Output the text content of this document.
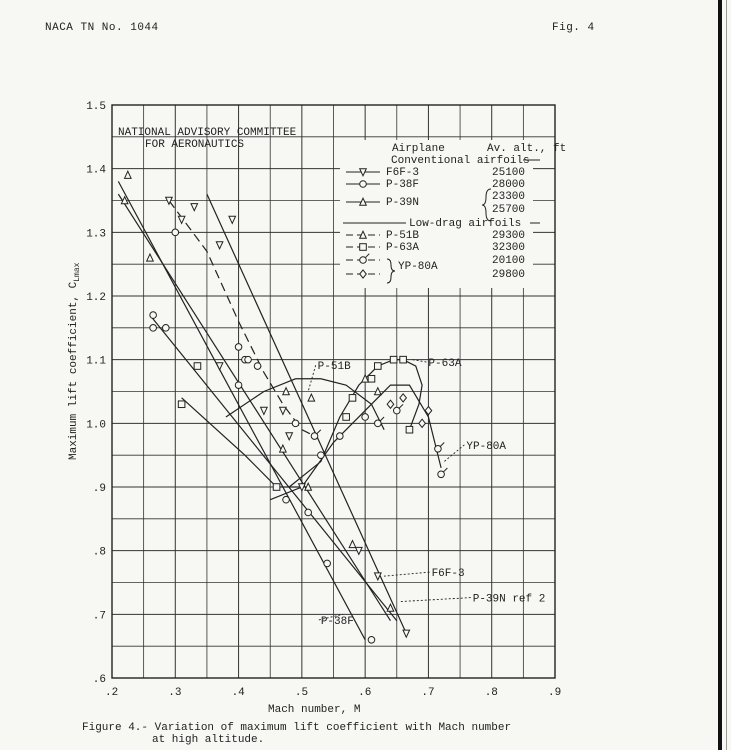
NACA TN No. 1044	Fig. 4
P-51B	P-63A
YP-80A
F6F-3
P-39N ref 2
P-38F
.2	.3	.4	.5	.6	.7	.8	.9
.6
.7
.8
.9
1.0
1.1
1.2
1.3
1.4
1.5
NATIONAL ADVISORY COMMITTEE
FOR AERONAUTICS	Airplane	Av. alt., ft
Conventional airfoils
F6F-3	25100
P-38F	28000
P-39N	23300
25700
P-51B	29300
P-63A	32300
YP-80A	20100
29800
Low-drag airfoils
Mach number, M
Maximum lift coefficient, $C_{Lmax}$
Figure 4.- Variation of maximum lift coefficient with Mach number
at high altitude.
